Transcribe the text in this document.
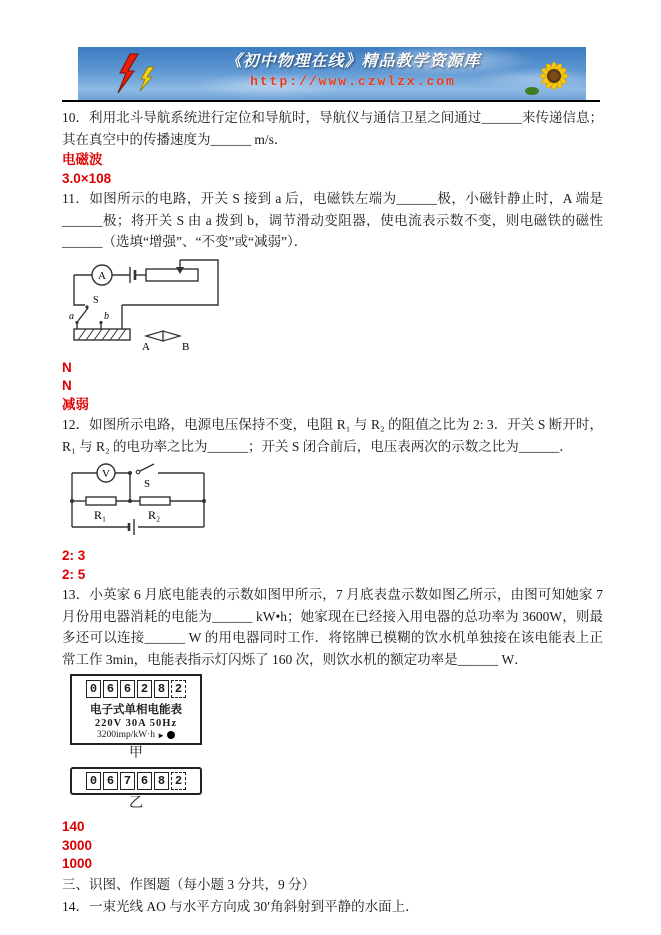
《初中物理在线》精品教学资源库
http://www.czwlzx.com

10．利用北斗导航系统进行定位和导航时，导航仪与通信卫星之间通过______来传递信息；其在真空中的传播速度为______ m/s．

电磁波
3.0×108

11．如图所示的电路，开关 S 接到 a 后，电磁铁左端为______极，小磁针静止时，A 端是______极；将开关 S 由 a 拨到 b，调节滑动变阻器，使电流表示数不变，则电磁铁的磁性______（选填“增强”、“不变”或“减弱”）．

A
S
a	b
A	B
N
N
减弱

12．如图所示电路，电源电压保持不变，电阻 R₁ 与 R₂ 的阻值之比为 2: 3．开关 S 断开时，R₁ 与 R₂ 的电功率之比为______；开关 S 闭合前后，电压表两次的示数之比为______．

V
S
R₁	R₂
2: 3
2: 5

13．小英家 6 月底电能表的示数如图甲所示，7 月底表盘示数如图乙所示，由图可知她家 7 月份用电器消耗的电能为______ kW•h；她家现在已经接入用电器的总功率为 3600W，则最多还可以连接______ W 的用电器同时工作．将铭牌已模糊的饮水机单独接在该电能表上正常工作 3min，电能表指示灯闪烁了 160 次，则饮水机的额定功率是______ W．

0 6 6 2 8 2
电子式单相电能表
220V 30A 50Hz
3200imp/kW·h ►
甲
0 6 7 6 8 2
乙
140
3000
1000

三、识图、作图题（每小题 3 分共，9 分）

14．一束光线 AO 与水平方向成 30′角斜射到平静的水面上．
